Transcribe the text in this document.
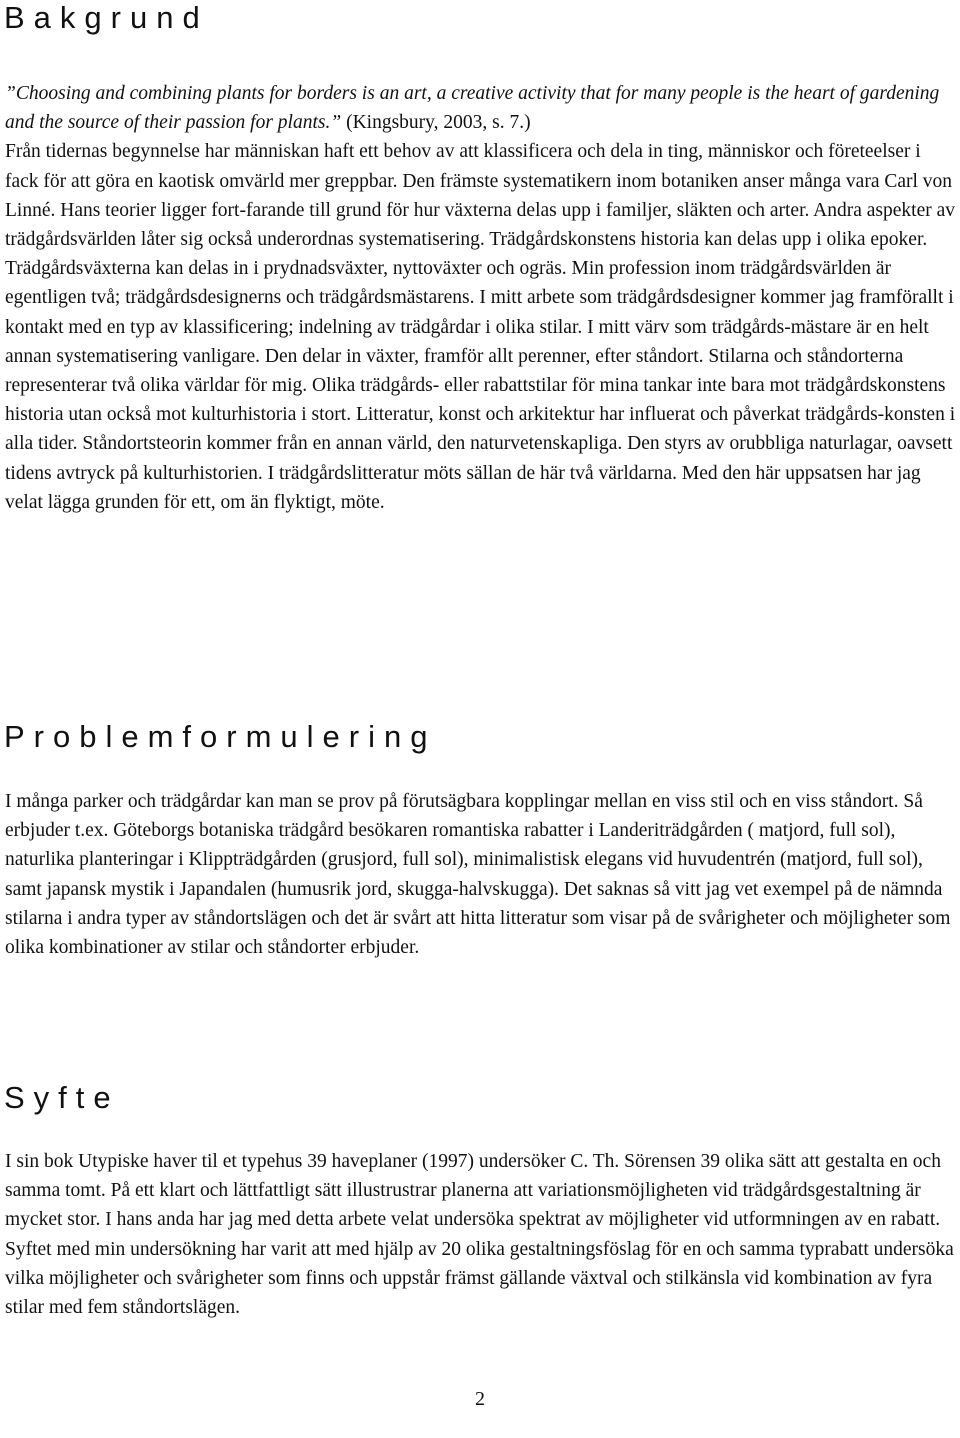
Bakgrund

”Choosing and combining plants for borders is an art, a creative activity that for many people is the heart of gardening and the source of their passion for plants.” (Kingsbury, 2003, s. 7.)
Från tidernas begynnelse har människan haft ett behov av att klassificera och dela in ting, människor och företeelser i fack för att göra en kaotisk omvärld mer greppbar. Den främste systematikern inom botaniken anser många vara Carl von Linné. Hans teorier ligger fort-farande till grund för hur växterna delas upp i familjer, släkten och arter. Andra aspekter av trädgårdsvärlden låter sig också underordnas systematisering. Trädgårdskonstens historia kan delas upp i olika epoker. Trädgårdsväxterna kan delas in i prydnadsväxter, nyttoväxter och ogräs. Min profession inom trädgårdsvärlden är egentligen två; trädgårdsdesignerns och trädgårdsmästarens. I mitt arbete som trädgårdsdesigner kommer jag framförallt i kontakt med en typ av klassificering; indelning av trädgårdar i olika stilar. I mitt värv som trädgårds-mästare är en helt annan systematisering vanligare. Den delar in växter, framför allt perenner, efter ståndort. Stilarna och ståndorterna representerar två olika världar för mig. Olika trädgårds- eller rabattstilar för mina tankar inte bara mot trädgårdskonstens historia utan också mot kulturhistoria i stort. Litteratur, konst och arkitektur har influerat och påverkat trädgårds-konsten i alla tider. Ståndortsteorin kommer från en annan värld, den naturvetenskapliga. Den styrs av orubbliga naturlagar, oavsett tidens avtryck på kulturhistorien. I trädgårdslitteratur möts sällan de här två världarna. Med den här uppsatsen har jag velat lägga grunden för ett, om än flyktigt, möte.

Problemformulering

I många parker och trädgårdar kan man se prov på förutsägbara kopplingar mellan en viss stil och en viss ståndort. Så erbjuder t.ex. Göteborgs botaniska trädgård besökaren romantiska rabatter i Landeriträdgården ( matjord, full sol), naturlika planteringar i Klippträdgården (grusjord, full sol), minimalistisk elegans vid huvudentrén (matjord, full sol), samt japansk mystik i Japandalen (humusrik jord, skugga-halvskugga). Det saknas så vitt jag vet exempel på de nämnda stilarna i andra typer av ståndortslägen och det är svårt att hitta litteratur som visar på de svårigheter och möjligheter som olika kombinationer av stilar och ståndorter erbjuder.

Syfte

I sin bok Utypiske haver til et typehus 39 haveplaner (1997) undersöker C. Th. Sörensen 39 olika sätt att gestalta en och samma tomt. På ett klart och lättfattligt sätt illustrustrar planerna att variationsmöjligheten vid trädgårdsgestaltning är mycket stor. I hans anda har jag med detta arbete velat undersöka spektrat av möjligheter vid utformningen av en rabatt. Syftet med min undersökning har varit att med hjälp av 20 olika gestaltningsföslag för en och samma typrabatt undersöka vilka möjligheter och svårigheter som finns och uppstår främst gällande växtval och stilkänsla vid kombination av fyra stilar med fem ståndortslägen.

2
